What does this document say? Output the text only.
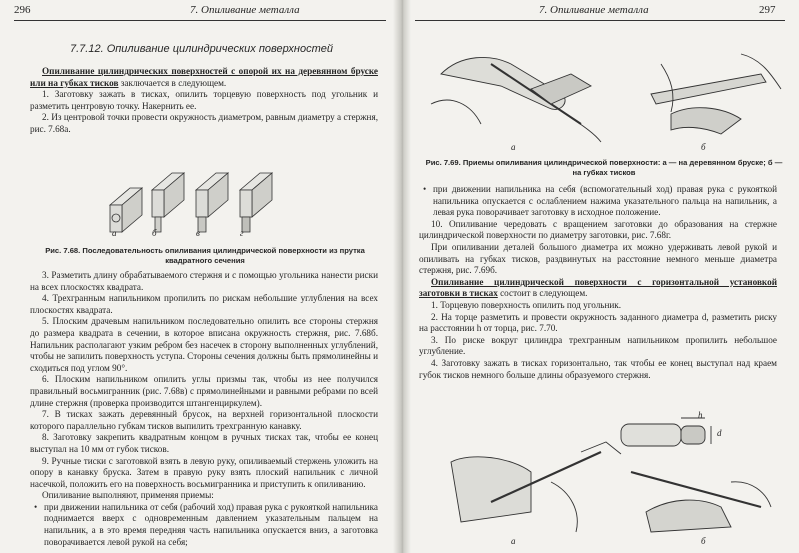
296	7. Опиливание металла
7.7.12. Опиливание цилиндрических поверхностей

Опиливание цилиндрических поверхностей с опорой их на деревянном бруске или на губках тисков заключается в следующем.

1. Заготовку зажать в тисках, опилить торцевую поверхность под угольник и разметить центровую точку. Накернить ее.

2. Из центровой точки провести окружность диаметром, равным диаметру а стержня, рис. 7.68а.

а	б	в	г
Рис. 7.68. Последовательность опиливания цилиндрической поверхности из прутка квадратного сечения

3. Разметить длину обрабатываемого стержня и с помощью угольника нанести риски на всех плоскостях квадрата.

4. Трехгранным напильником пропилить по рискам небольшие углубления на всех плоскостях квадрата.

5. Плоским драчевым напильником последовательно опилить все стороны стержня до размера квадрата в сечении, в которое вписана окружность стержня, рис. 7.68б. Напильник располагают узким ребром без насечек в сторону выполненных углублений, чтобы не запилить поверхность уступа. Стороны сечения должны быть прямолинейны и сходиться под углом 90°.

6. Плоским напильником опилить углы призмы так, чтобы из нее получился правильный восьмигранник (рис. 7.68в) с прямолинейными и равными ребрами по всей длине стержня (проверка производится штангенциркулем).

7. В тисках зажать деревянный брусок, на верхней горизонтальной плоскости которого параллельно губкам тисков выпилить трехгранную канавку.

8. Заготовку закрепить квадратным концом в ручных тисках так, чтобы ее конец выступал на 10 мм от губок тисков.

9. Ручные тиски с заготовкой взять в левую руку, опиливаемый стержень уложить на опору в канавку бруска. Затем в правую руку взять плоский напильник с личной насечкой, положить его на поверхность восьмигранника и приступить к опиливанию.

Опиливание выполняют, применяя приемы:

• при движении напильника от себя (рабочий ход) правая рука с рукояткой напильника поднимается вверх с одновременным давлением указательным пальцем на напильник, а в это время передняя часть напильника опускается вниз, а заготовка поворачивается левой рукой на себя;
7. Опиливание металла	297
а	б
Рис. 7.69. Приемы опиливания цилиндрической поверхности: а — на деревянном бруске; б — на губках тисков
• при движении напильника на себя (вспомогательный ход) правая рука с рукояткой напильника опускается с ослаблением нажима указательного пальца на напильник, а левая рука поворачивает заготовку в исходное положение.

10. Опиливание чередовать с вращением заготовки до образования на стержне цилиндрической поверхности по диаметру заготовки, рис. 7.68г.

При опиливании деталей большого диаметра их можно удерживать левой рукой и опиливать на губках тисков, раздвинутых на расстояние немного меньше диаметра стержня, рис. 7.69б.

Опиливание цилиндрической поверхности с горизонтальной установкой заготовки в тисках состоит в следующем.

1. Торцевую поверхность опилить под угольник.

2. На торце разметить и провести окружность заданного диаметра d, разметить риску на расстоянии h от торца, рис. 7.70.

3. По риске вокруг цилиндра трехгранным напильником пропилить небольшое углубление.

4. Заготовку зажать в тисках горизонтально, так чтобы ее конец выступал над краем губок тисков немного больше длины образуемого стержня.

h
d
а	б
